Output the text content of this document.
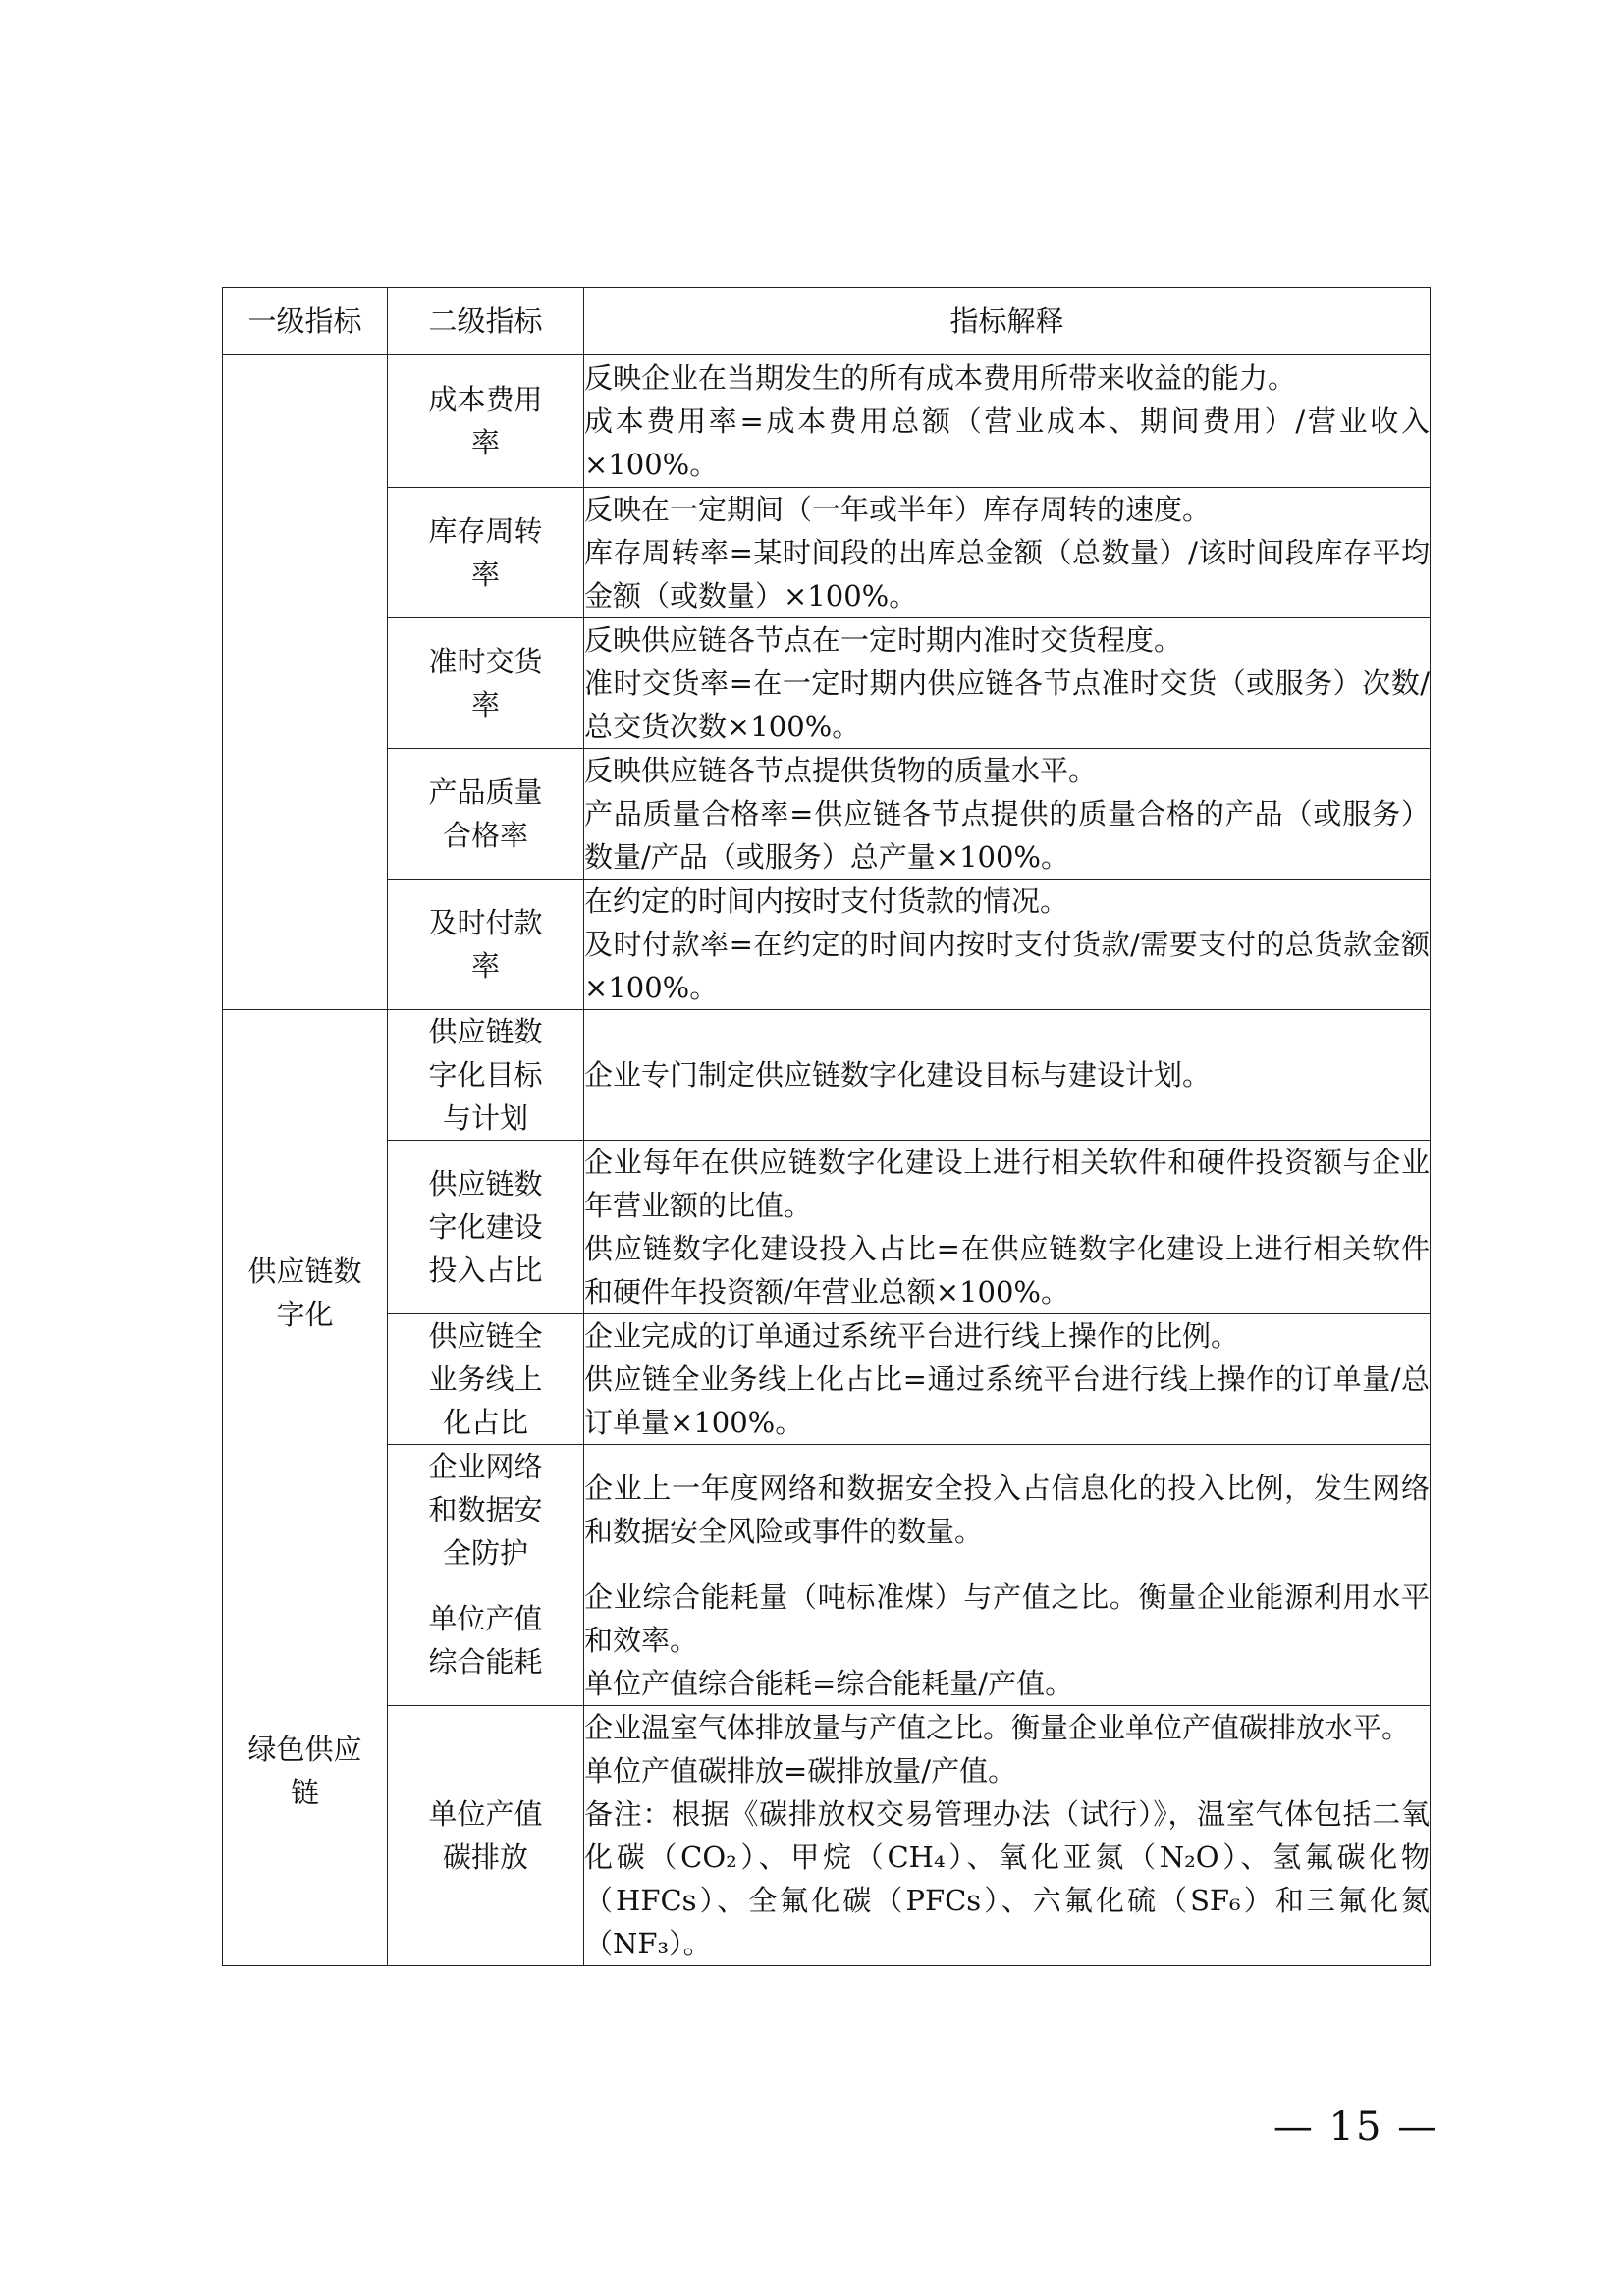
一级指标	二级指标	指标解释
	成本费用率	反映企业在当期发生的所有成本费用所带来收益的能力。
成本费用率=成本费用总额（营业成本、期间费用）/营业收入×100%。

	库存周转率	反映在一定期间（一年或半年）库存周转的速度。
库存周转率=某时间段的出库总金额（总数量）/该时间段库存平均金额（或数量）×100%。

	准时交货率	反映供应链各节点在一定时期内准时交货程度。
准时交货率=在一定时期内供应链各节点准时交货（或服务）次数/总交货次数×100%。

	产品质量合格率	反映供应链各节点提供货物的质量水平。
产品质量合格率=供应链各节点提供的质量合格的产品（或服务）数量/产品（或服务）总产量×100%。

	及时付款率	在约定的时间内按时支付货款的情况。
及时付款率=在约定的时间内按时支付货款/需要支付的总货款金额×100%。

供应链数字化	供应链数字化目标与计划	企业专门制定供应链数字化建设目标与建设计划。

	供应链数字化建设投入占比	企业每年在供应链数字化建设上进行相关软件和硬件投资额与企业年营业额的比值。
供应链数字化建设投入占比=在供应链数字化建设上进行相关软件和硬件年投资额/年营业总额×100%。

	供应链全业务线上化占比	企业完成的订单通过系统平台进行线上操作的比例。
供应链全业务线上化占比=通过系统平台进行线上操作的订单量/总订单量×100%。

	企业网络和数据安全防护	企业上一年度网络和数据安全投入占信息化的投入比例，发生网络和数据安全风险或事件的数量。

绿色供应链	单位产值综合能耗	企业综合能耗量（吨标准煤）与产值之比。衡量企业能源利用水平和效率。
单位产值综合能耗=综合能耗量/产值。

	单位产值碳排放	企业温室气体排放量与产值之比。衡量企业单位产值碳排放水平。
单位产值碳排放=碳排放量/产值。
备注：根据《碳排放权交易管理办法（试行）》，温室气体包括二氧化碳（CO₂）、甲烷（CH₄）、氧化亚氮（N₂O）、氢氟碳化物（HFCs）、全氟化碳（PFCs）、六氟化硫（SF₆）和三氟化氮（NF₃）。
— 15 —
